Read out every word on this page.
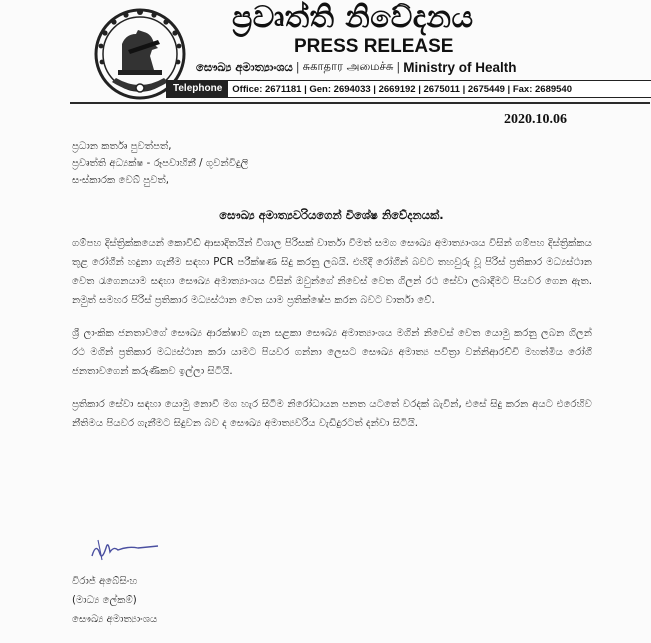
ප්‍රවෘත්ති නිවේදනය
PRESS RELEASE
සෞඛ්‍ය අමාත්‍යාංශය | சுகாதார அமைச்சு | Ministry of Health
Telephone	Office: 2671181 | Gen: 2694033 | 2669192 | 2675011 | 2675449 | Fax: 2689540
2020.10.06
ප්‍රධාන කර්තෘ පුවත්පත්,
ප්‍රවෘත්ති අධ්‍යක්ෂ - රූපවාහිනී / ගුවන්විදුලි
සංස්කාරක වෙබ් පුවත්,
සෞඛ්‍ය අමාත්‍යවරියගෙන් විශේෂ නිවේදනයක්.

ගම්පහ දිස්ත්‍රික්කයෙන් කොවිඩ් ආසාදිතයින් විශාල පිරිසක් වාර්තා වීමත් සමග සෞඛ්‍ය අමාත්‍යාංශය විසින් ගම්පහ දිස්ත්‍රික්කය තුළ රෝගීන් හදුනා ගැනීම සඳහා PCR පරීක්ෂණ සිදු කරනු ලබයි. එහිදී රෝගීන් බවට තහවුරු වූ පිරිස් ප්‍රතිකාර මධ්‍යස්ථාන වෙත රැගෙනයාම සඳහා සෞඛ්‍ය අමාත්‍යාංශය විසින් ඔවුන්ගේ නිවෙස් වෙත ගිලන් රථ සේවා ලබාදීමට පියවර ගෙන ඇත. නමුත් සමහර පිරිස් ප්‍රතිකාර මධ්‍යස්ථාන වෙත යාම ප්‍රතික්ෂේප කරන බවට වාර්තා වේ.

ශ්‍රී ලාංකික ජනතාවගේ සෞඛ්‍ය ආරක්ෂාව ගැන සළකා සෞඛ්‍ය අමාත්‍යාංශය මගින් නිවෙස් වෙත යොමු කරනු ලබන ගිලන් රථ මගින් ප්‍රතිකාර මධ්‍යස්ථාන කරා යාමට පියවර ගන්නා ලෙසට සෞඛ්‍ය අමාත්‍ය පවිත්‍රා වන්නිආරච්චි මහත්මිය රෝගී ජනතාවගෙන් කරුණිකව ඉල්ලා සිටියි.

ප්‍රතිකාර සේවා සඳහා යොමු නොවී මග හැර සිටීම නිරෝධායන පනත යටතේ වරදක් බැවින්, එසේ සිදු කරන අයට එරෙහිව නීතිමය පියවර ගැනීමට සිදුවන බව ද සෞඛ්‍ය අමාත්‍යවරිය වැඩිදුරටත් දන්වා සිටියි.

විරාජ් අබේසිංහ
(මාධ්‍ය ලේකම්)
සෞඛ්‍ය අමාත්‍යාංශය
